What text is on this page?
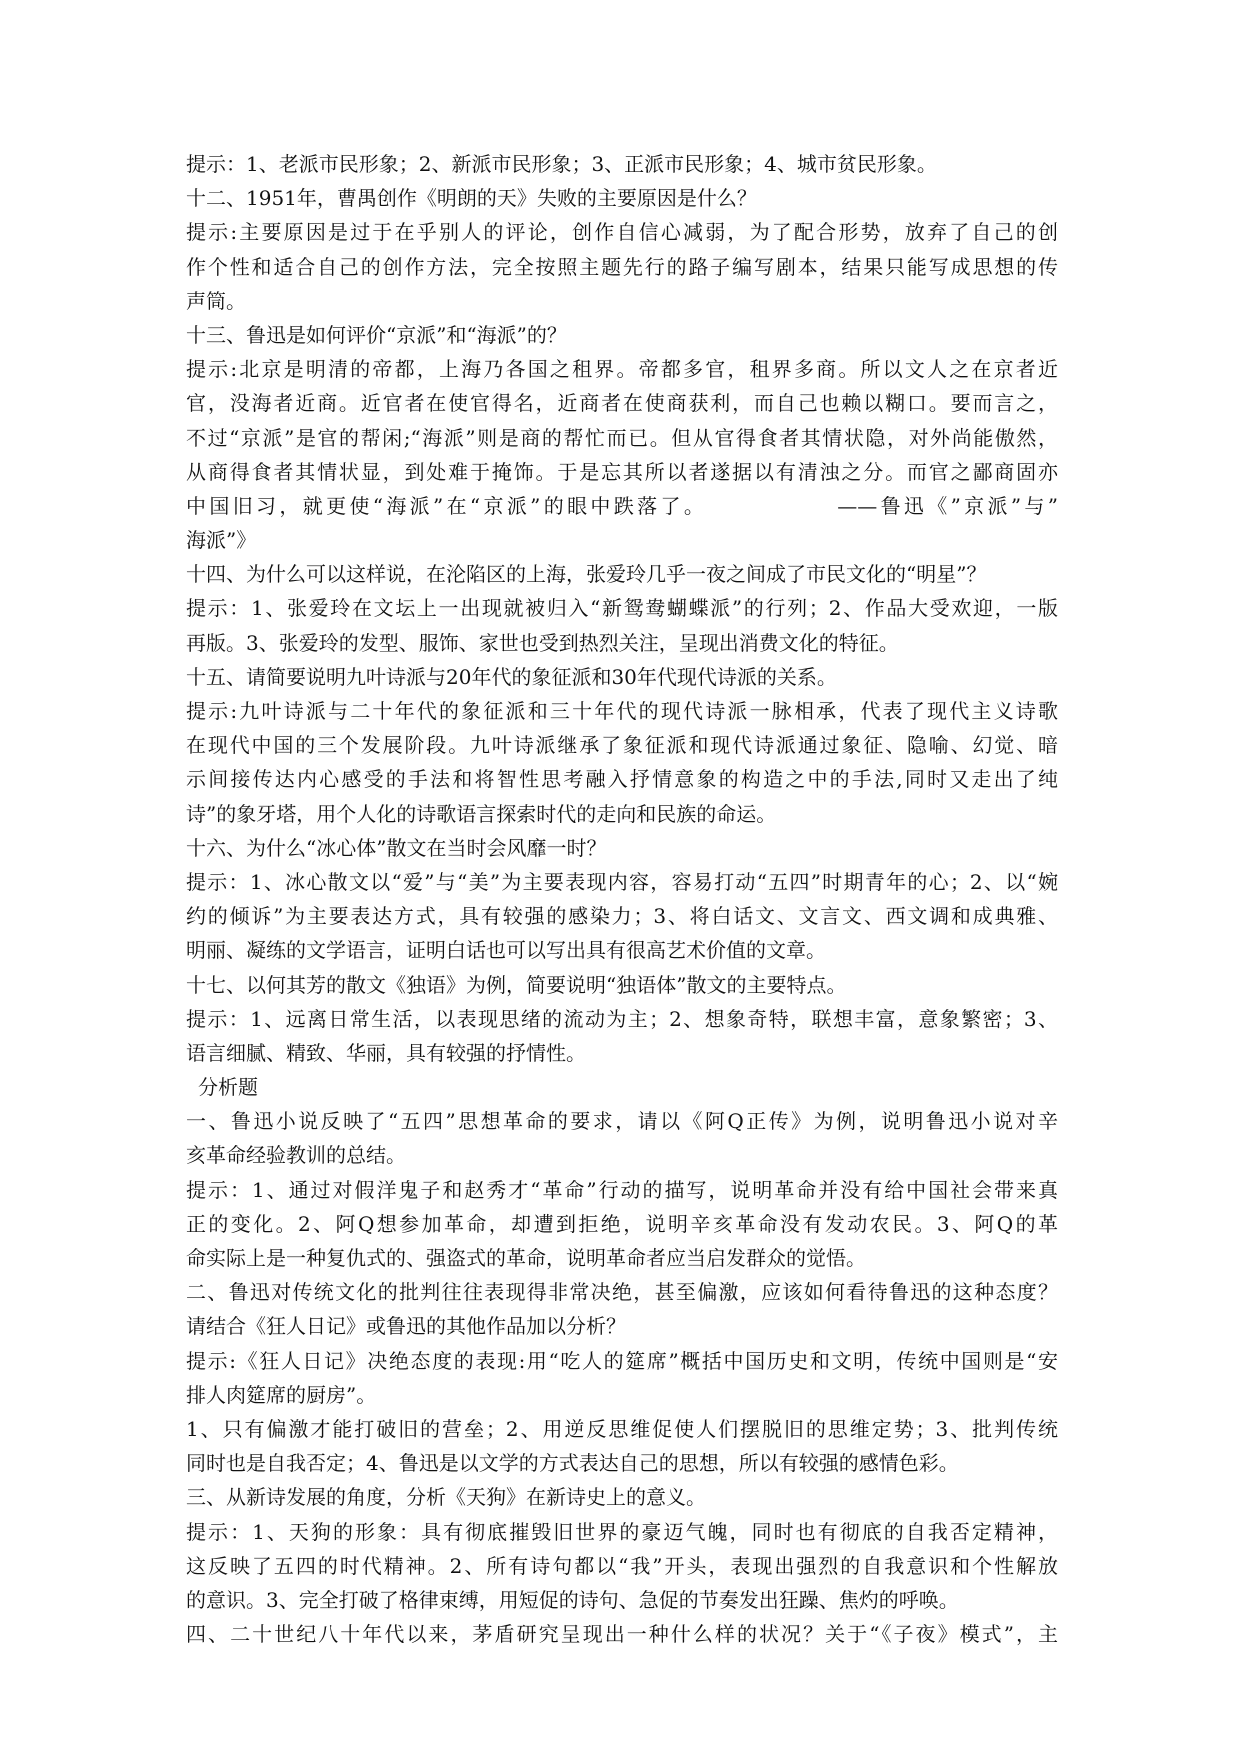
提示：1、老派市民形象；2、新派市民形象；3、正派市民形象；4、城市贫民形象。
十二、1951年，曹禺创作《明朗的天》失败的主要原因是什么？
提示:主要原因是过于在乎别人的评论，创作自信心减弱，为了配合形势，放弃了自己的创
作个性和适合自己的创作方法，完全按照主题先行的路子编写剧本，结果只能写成思想的传
声筒。
十三、鲁迅是如何评价“京派”和“海派”的？
提示:北京是明清的帝都，上海乃各国之租界。帝都多官，租界多商。所以文人之在京者近
官，没海者近商。近官者在使官得名，近商者在使商获利，而自己也赖以糊口。要而言之，
不过“京派”是官的帮闲;“海派”则是商的帮忙而已。但从官得食者其情状隐，对外尚能傲然，
从商得食者其情状显，到处难于掩饰。于是忘其所以者遂据以有清浊之分。而官之鄙商固亦
中国旧习，就更使“海派”在“京派”的眼中跌落了。　　　　　　——鲁迅《”京派”与”
海派”》
十四、为什么可以这样说，在沦陷区的上海，张爱玲几乎一夜之间成了市民文化的“明星”？
提示：1、张爱玲在文坛上一出现就被归入“新鸳鸯蝴蝶派”的行列；2、作品大受欢迎，一版
再版。3、张爱玲的发型、服饰、家世也受到热烈关注，呈现出消费文化的特征。
十五、请简要说明九叶诗派与20年代的象征派和30年代现代诗派的关系。
提示:九叶诗派与二十年代的象征派和三十年代的现代诗派一脉相承，代表了现代主义诗歌
在现代中国的三个发展阶段。九叶诗派继承了象征派和现代诗派通过象征、隐喻、幻觉、暗
示间接传达内心感受的手法和将智性思考融入抒情意象的构造之中的手法,同时又走出了纯
诗”的象牙塔，用个人化的诗歌语言探索时代的走向和民族的命运。
十六、为什么“冰心体”散文在当时会风靡一时？
提示：1、冰心散文以“爱”与“美”为主要表现内容，容易打动“五四”时期青年的心；2、以“婉
约的倾诉”为主要表达方式，具有较强的感染力；3、将白话文、文言文、西文调和成典雅、
明丽、凝练的文学语言，证明白话也可以写出具有很高艺术价值的文章。
十七、以何其芳的散文《独语》为例，简要说明“独语体”散文的主要特点。
提示：1、远离日常生活，以表现思绪的流动为主；2、想象奇特，联想丰富，意象繁密；3、
语言细腻、精致、华丽，具有较强的抒情性。
分析题
一、鲁迅小说反映了“五四”思想革命的要求，请以《阿Q正传》为例，说明鲁迅小说对辛
亥革命经验教训的总结。
提示：1、通过对假洋鬼子和赵秀才“革命”行动的描写，说明革命并没有给中国社会带来真
正的变化。2、阿Q想参加革命，却遭到拒绝，说明辛亥革命没有发动农民。3、阿Q的革
命实际上是一种复仇式的、强盗式的革命，说明革命者应当启发群众的觉悟。
二、鲁迅对传统文化的批判往往表现得非常决绝，甚至偏激，应该如何看待鲁迅的这种态度？
请结合《狂人日记》或鲁迅的其他作品加以分析？
提示:《狂人日记》决绝态度的表现:用“吃人的筵席”概括中国历史和文明，传统中国则是“安
排人肉筵席的厨房”。
1、只有偏激才能打破旧的营垒；2、用逆反思维促使人们摆脱旧的思维定势；3、批判传统
同时也是自我否定；4、鲁迅是以文学的方式表达自己的思想，所以有较强的感情色彩。
三、从新诗发展的角度，分析《天狗》在新诗史上的意义。
提示：1、天狗的形象：具有彻底摧毁旧世界的豪迈气魄，同时也有彻底的自我否定精神，
这反映了五四的时代精神。2、所有诗句都以“我”开头，表现出强烈的自我意识和个性解放
的意识。3、完全打破了格律束缚，用短促的诗句、急促的节奏发出狂躁、焦灼的呼唤。
四、二十世纪八十年代以来，茅盾研究呈现出一种什么样的状况？关于“《子夜》模式”，主
